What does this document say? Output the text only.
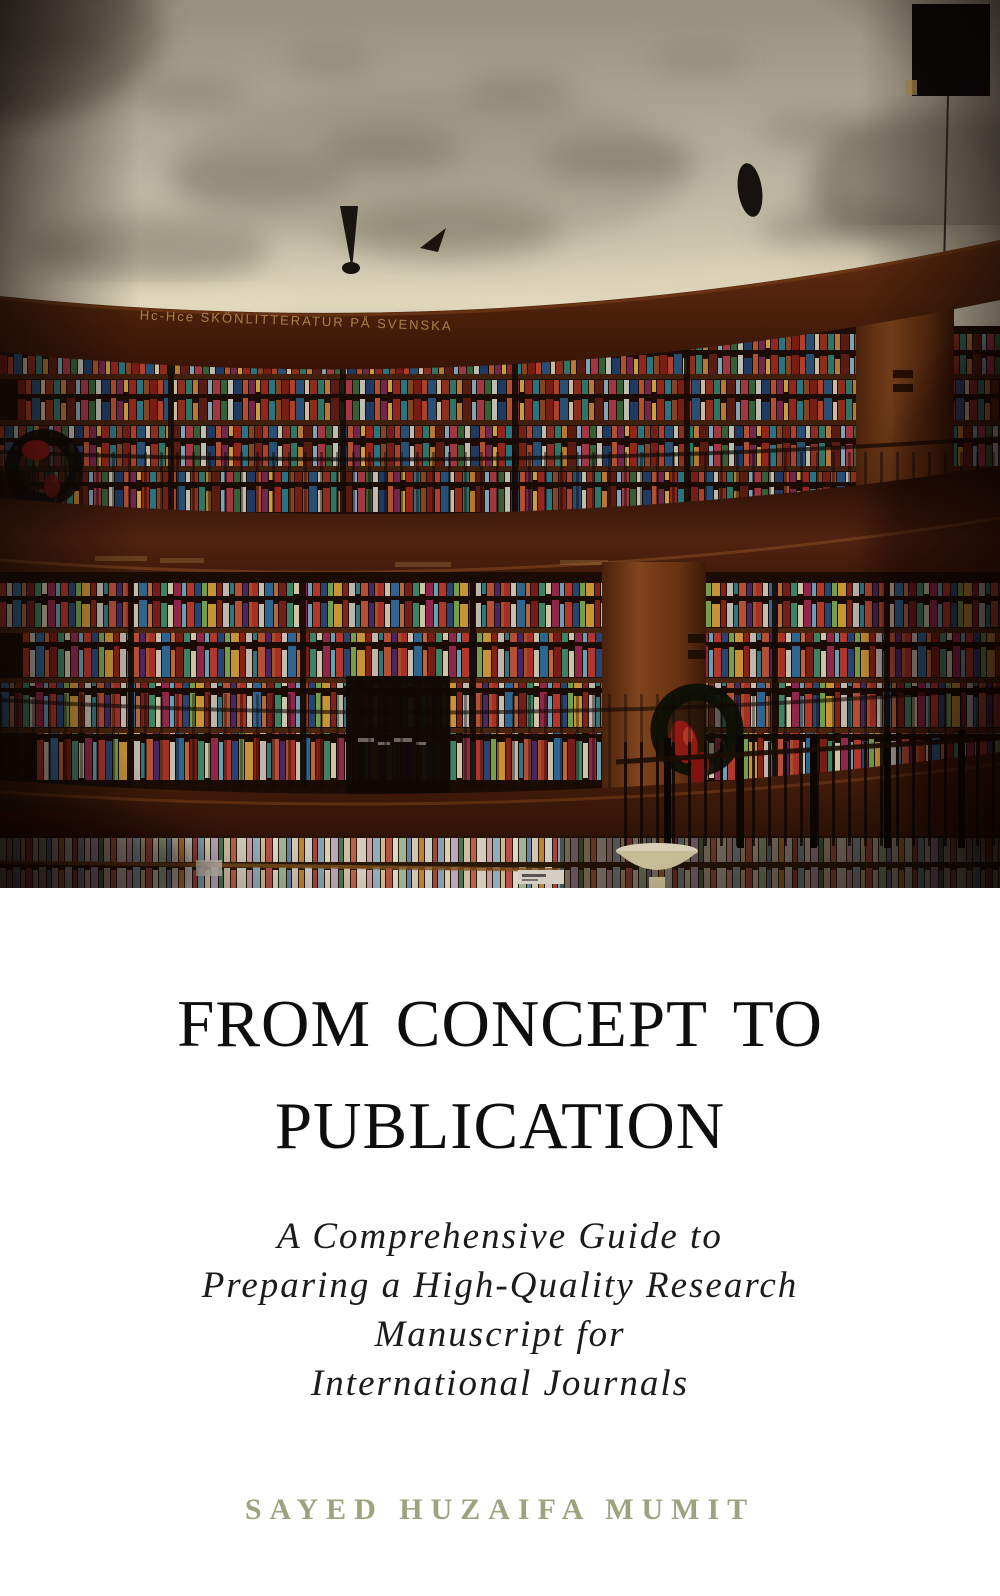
from concept to
publication

A Comprehensive Guide to
Preparing a High-Quality Research
Manuscript for
International Journals

SAYED HUZAIFA MUMIT
